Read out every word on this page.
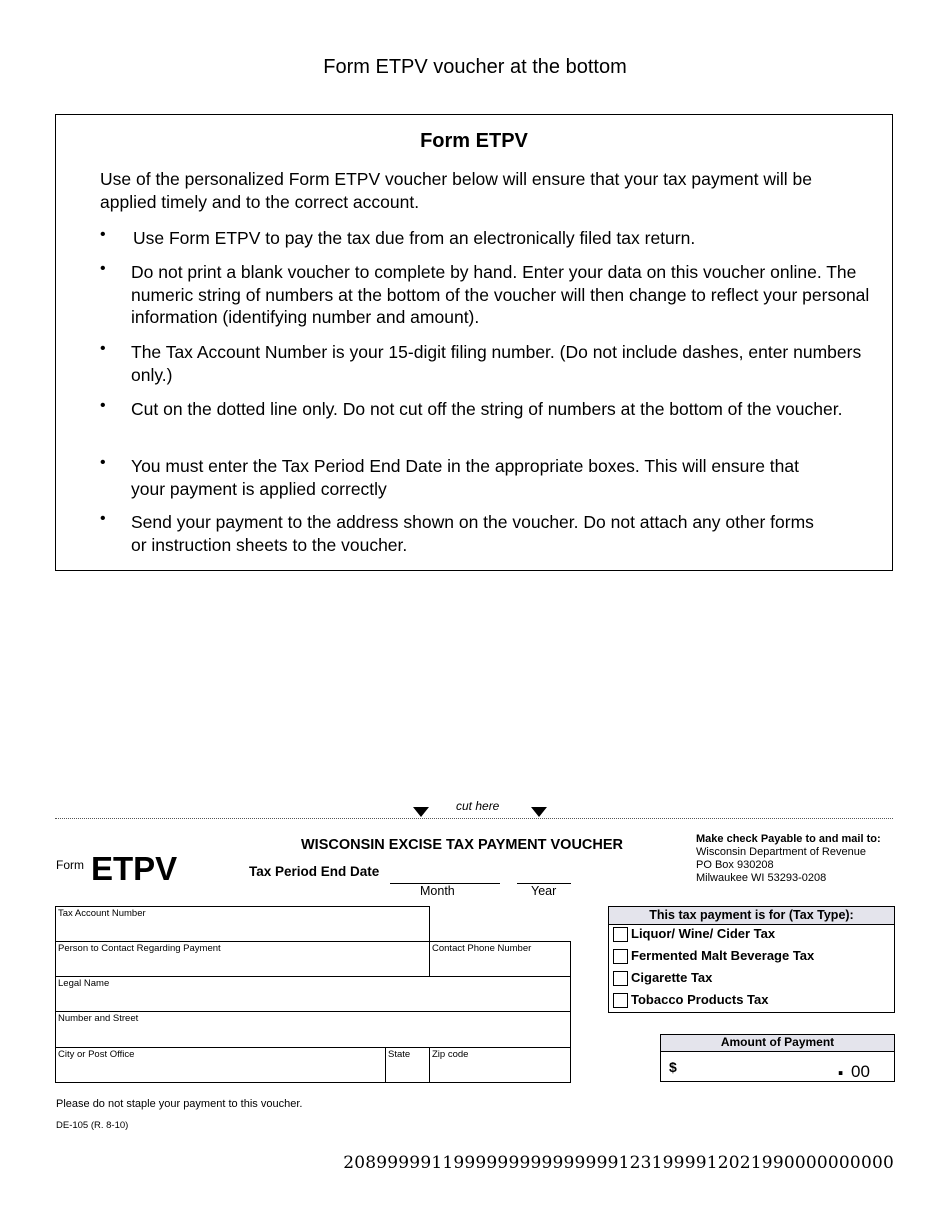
Form ETPV voucher at the bottom
Form ETPV
Use of the personalized Form ETPV voucher below will ensure that your tax payment will be applied timely and to the correct account.
• Use Form ETPV to pay the tax due from an electronically filed tax return.
• Do not print a blank voucher to complete by hand. Enter your data on this voucher online. The numeric string of numbers at the bottom of the voucher will then change to reflect your personal information (identifying number and amount).
• The Tax Account Number is your 15-digit filing number. (Do not include dashes, enter numbers only.)
• Cut on the dotted line only. Do not cut off the string of numbers at the bottom of the voucher.
• You must enter the Tax Period End Date in the appropriate boxes. This will ensure that your payment is applied correctly
• Send your payment to the address shown on the voucher. Do not attach any other forms or instruction sheets to the voucher.
cut here
WISCONSIN EXCISE TAX PAYMENT VOUCHER
Form ETPV	Tax Period End Date
Month	Year
Make check Payable to and mail to:
Wisconsin Department of Revenue
PO Box 930208
Milwaukee WI 53293-0208
Tax Account Number
Person to Contact Regarding Payment	Contact Phone Number
Legal Name
Number and Street
City or Post Office	State Zip code
This tax payment is for (Tax Type):
Liquor/ Wine/ Cider Tax
Fermented Malt Beverage Tax
Cigarette Tax
Tobacco Products Tax
Amount of Payment
$	. 00
Please do not staple your payment to this voucher.
DE-105 (R. 8-10)
20899999119999999999999991231999912021990000000000
